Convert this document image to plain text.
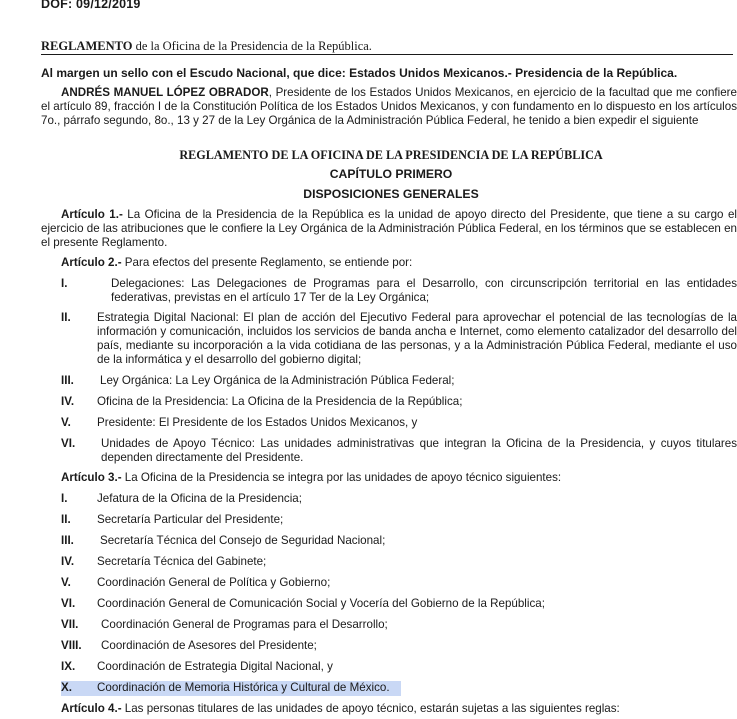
DOF: 09/12/2019
REGLAMENTO de la Oficina de la Presidencia de la República.
Al margen un sello con el Escudo Nacional, que dice: Estados Unidos Mexicanos.- Presidencia de la República.
ANDRÉS MANUEL LÓPEZ OBRADOR, Presidente de los Estados Unidos Mexicanos, en ejercicio de la facultad que me confiere el artículo 89, fracción I de la Constitución Política de los Estados Unidos Mexicanos, y con fundamento en lo dispuesto en los artículos 7o., párrafo segundo, 8o., 13 y 27 de la Ley Orgánica de la Administración Pública Federal, he tenido a bien expedir el siguiente
REGLAMENTO DE LA OFICINA DE LA PRESIDENCIA DE LA REPÚBLICA
CAPÍTULO PRIMERO
DISPOSICIONES GENERALES
Artículo 1.- La Oficina de la Presidencia de la República es la unidad de apoyo directo del Presidente, que tiene a su cargo el ejercicio de las atribuciones que le confiere la Ley Orgánica de la Administración Pública Federal, en los términos que se establecen en el presente Reglamento.
Artículo 2.- Para efectos del presente Reglamento, se entiende por:
I.	Delegaciones: Las Delegaciones de Programas para el Desarrollo, con circunscripción territorial en las entidades federativas, previstas en el artículo 17 Ter de la Ley Orgánica;
II. Estrategia Digital Nacional: El plan de acción del Ejecutivo Federal para aprovechar el potencial de las tecnologías de la información y comunicación, incluidos los servicios de banda ancha e Internet, como elemento catalizador del desarrollo del país, mediante su incorporación a la vida cotidiana de las personas, y a la Administración Pública Federal, mediante el uso de la informática y el desarrollo del gobierno digital;
III. Ley Orgánica: La Ley Orgánica de la Administración Pública Federal;
IV. Oficina de la Presidencia: La Oficina de la Presidencia de la República;
V. Presidente: El Presidente de los Estados Unidos Mexicanos, y
VI. Unidades de Apoyo Técnico: Las unidades administrativas que integran la Oficina de la Presidencia, y cuyos titulares dependen directamente del Presidente.
Artículo 3.- La Oficina de la Presidencia se integra por las unidades de apoyo técnico siguientes:
I.	Jefatura de la Oficina de la Presidencia;
II. Secretaría Particular del Presidente;
III. Secretaría Técnica del Consejo de Seguridad Nacional;
IV. Secretaría Técnica del Gabinete;
V. Coordinación General de Política y Gobierno;
VI. Coordinación General de Comunicación Social y Vocería del Gobierno de la República;
VII. Coordinación General de Programas para el Desarrollo;
VIII. Coordinación de Asesores del Presidente;
IX. Coordinación de Estrategia Digital Nacional, y
X. Coordinación de Memoria Histórica y Cultural de México.
Artículo 4.- Las personas titulares de las unidades de apoyo técnico, estarán sujetas a las siguientes reglas:
